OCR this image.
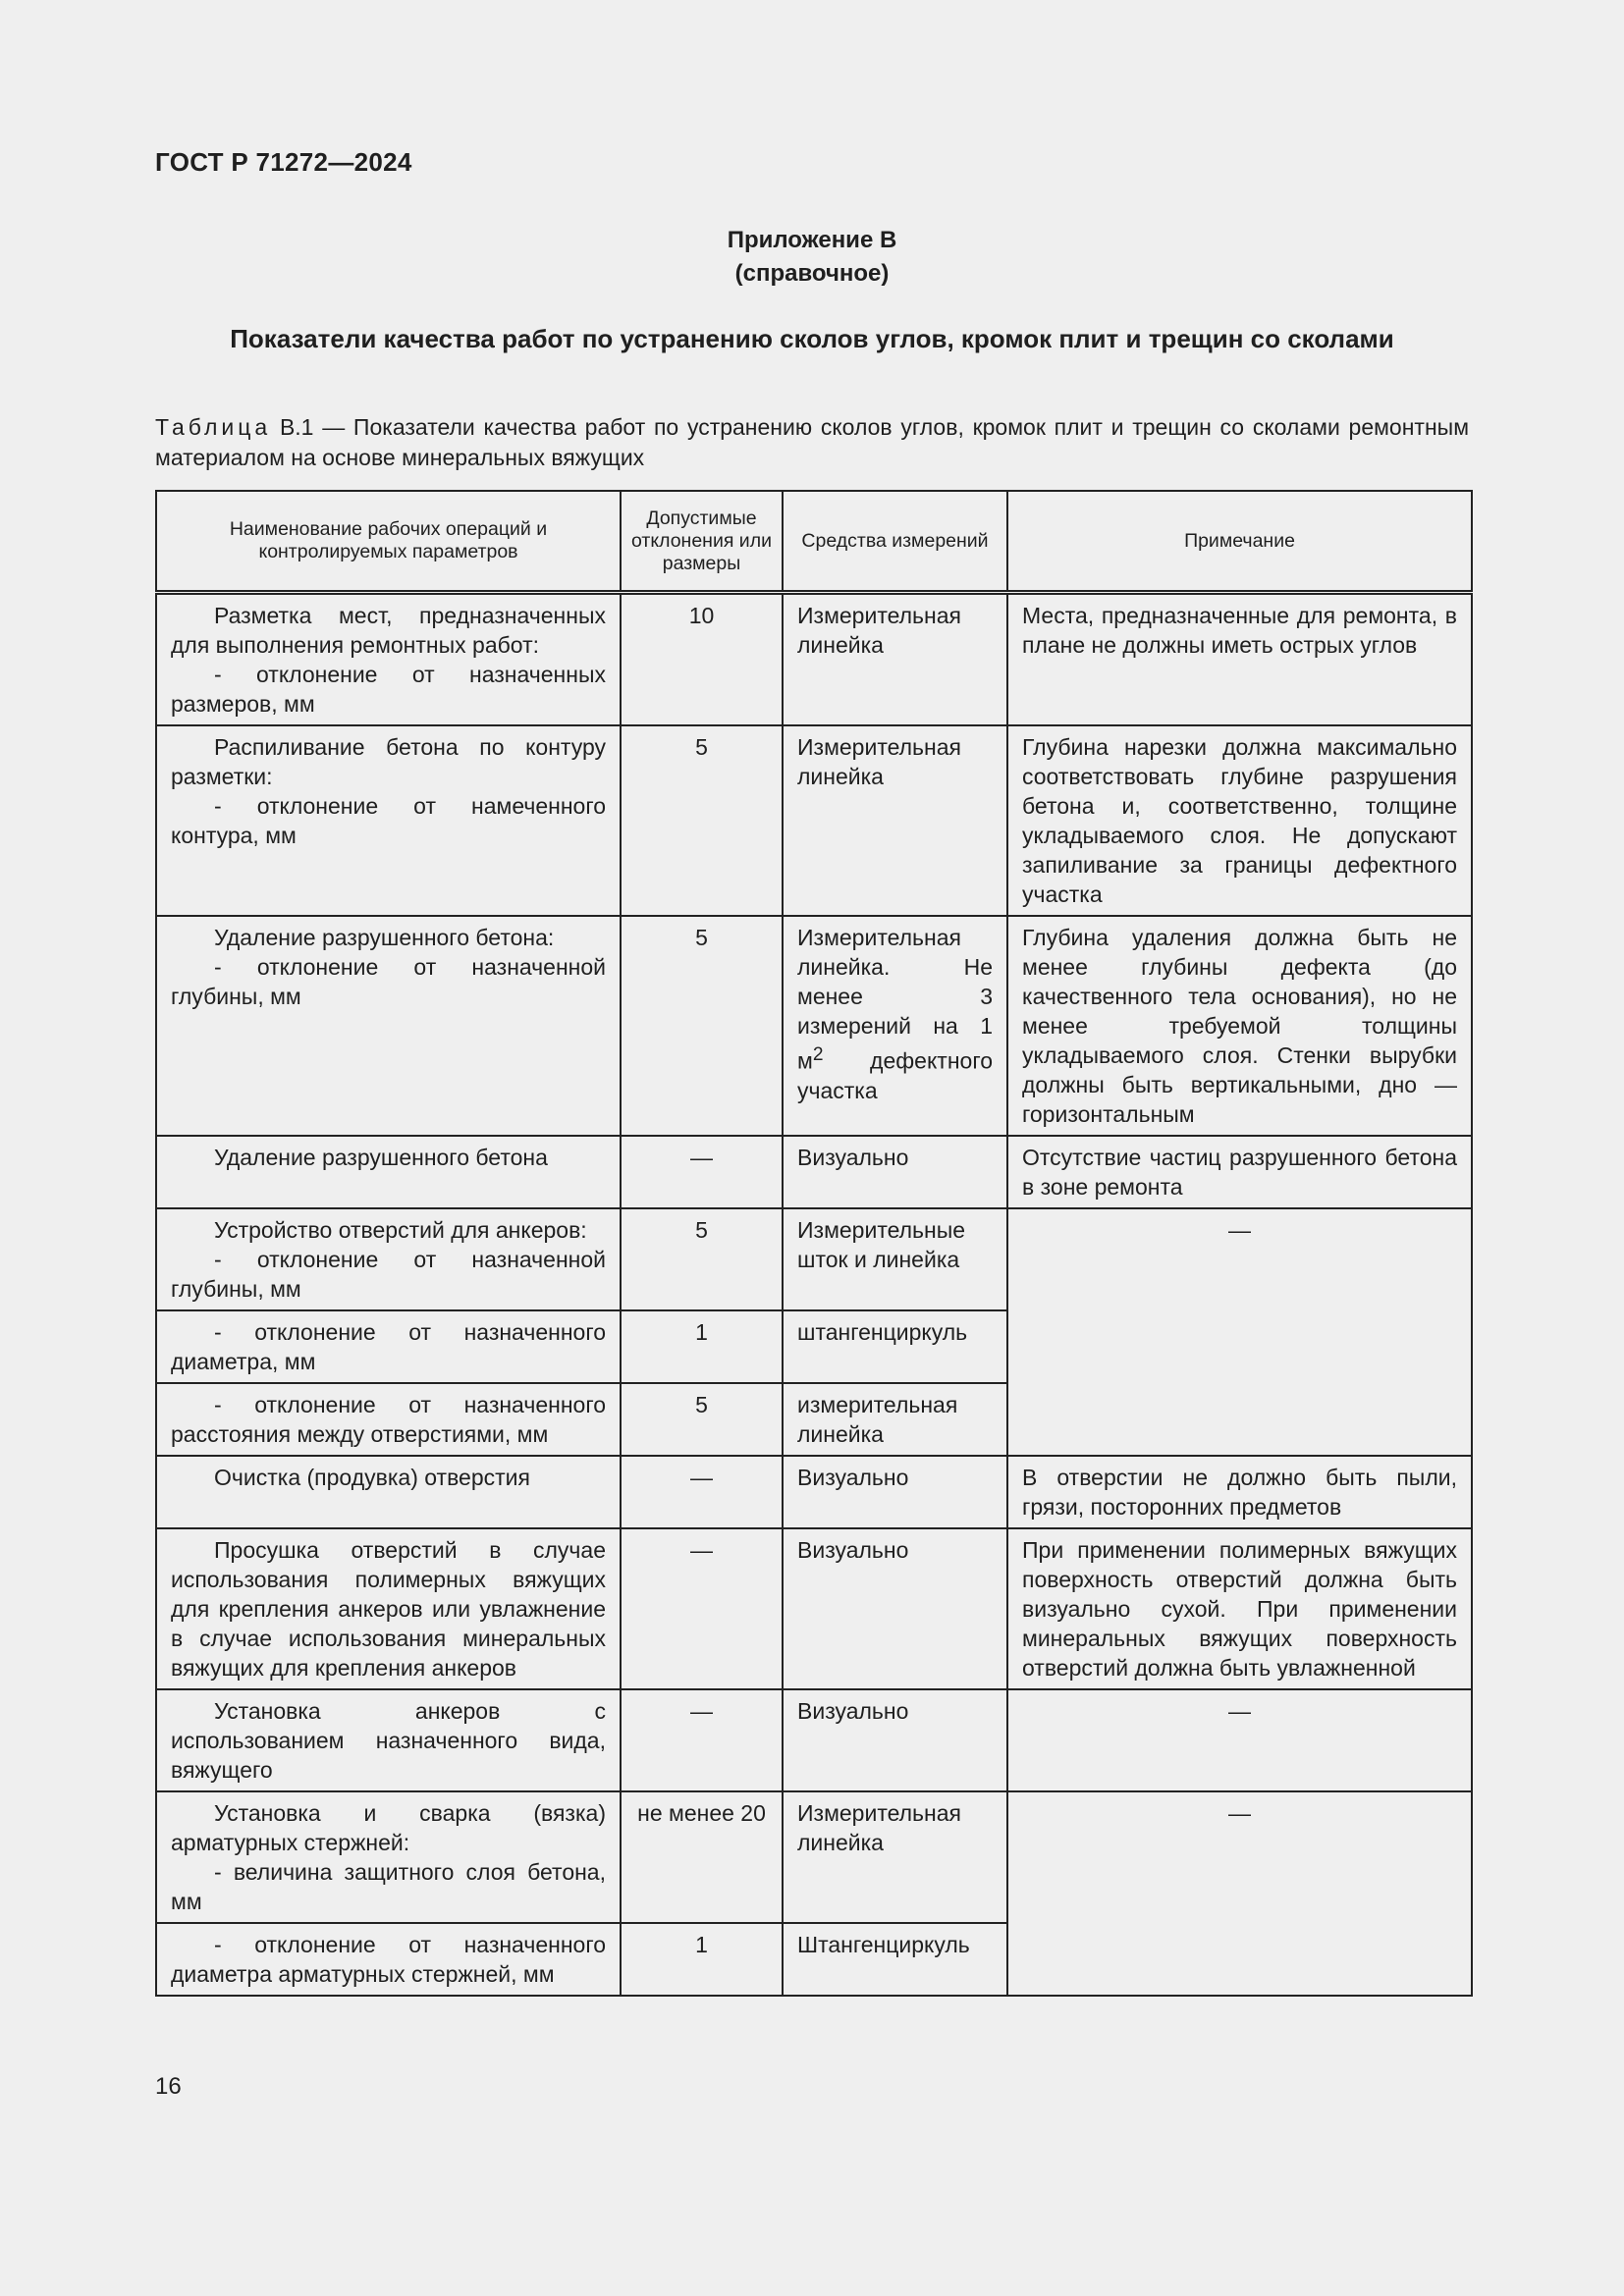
ГОСТ Р 71272—2024
Приложение В
(справочное)
Показатели качества работ по устранению сколов углов, кромок плит и трещин со сколами
Таблица В.1 — Показатели качества работ по устранению сколов углов, кромок плит и трещин со сколами ремонтным материалом на основе минеральных вяжущих
Наименование рабочих операций и контролируемых параметров	Допустимые отклонения или размеры	Средства измерений	Примечание

Разметка мест, предназначенных для выполнения ремонтных работ:
- отклонение от назначенных размеров, мм	10	Измерительная линейка	Места, предназначенные для ремонта, в плане не должны иметь острых углов

Распиливание бетона по контуру разметки:
- отклонение от намеченного контура, мм	5	Измерительная линейка	Глубина нарезки должна максимально соответствовать глубине разрушения бетона и, соответственно, толщине укладываемого слоя. Не допускают запиливание за границы дефектного участка

Удаление разрушенного бетона:
- отклонение от назначенной глубины, мм	5	Измерительная линейка. Не менее 3 измерений на 1 $м^2$ дефектного участка	Глубина удаления должна быть не менее глубины дефекта (до качественного тела основания), но не менее требуемой толщины укладываемого слоя. Стенки вырубки должны быть вертикальными, дно — горизонтальным

Удаление разрушенного бетона	—	Визуально	Отсутствие частиц разрушенного бетона в зоне ремонта

Устройство отверстий для анкеров:
- отклонение от назначенной глубины, мм	5	Измерительные шток и линейка	—

- отклонение от назначенного диаметра, мм	1	штангенциркуль	

- отклонение от назначенного расстояния между отверстиями, мм	5	измерительная линейка	

Очистка (продувка) отверстия	—	Визуально	В отверстии не должно быть пыли, грязи, посторонних предметов

Просушка отверстий в случае использования полимерных вяжущих для крепления анкеров или увлажнение в случае использования минеральных вяжущих для крепления анкеров	—	Визуально	При применении полимерных вяжущих поверхность отверстий должна быть визуально сухой. При применении минеральных вяжущих поверхность отверстий должна быть увлажненной

Установка анкеров с использованием назначенного вида, вяжущего	—	Визуально	—

Установка и сварка (вязка) арматурных стержней:
- величина защитного слоя бетона, мм	не менее 20	Измерительная линейка	—

- отклонение от назначенного диаметра арматурных стержней, мм	1	Штангенциркуль	
16
